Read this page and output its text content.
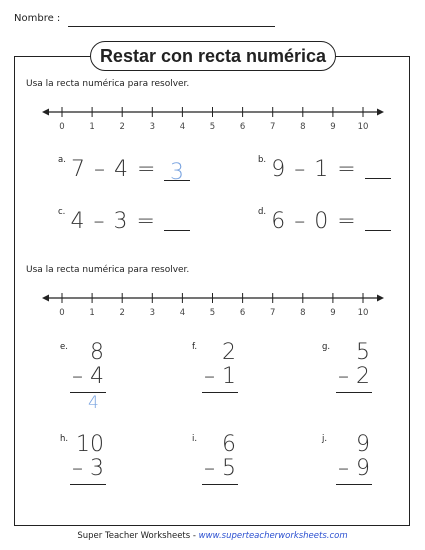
Nombre :
Restar con recta numérica
Usa la recta numérica para resolver.
0	1	2	3	4	5	6	7	8	9	10
$^{a.}$ 7 – 4 = 3	$^{b.}$ 9 – 1 =
$^{c.}$ 4 – 3 =	$^{d.}$ 6 – 0 =
Usa la recta numérica para resolver.
0	1	2	3	4	5	6	7	8	9	10
e.	8
– 4
4
f.	2
– 1
g.	5
– 2
h. 10
– 3
i.	6
– 5
j.	9
– 9
Super Teacher Worksheets - www.superteacherworksheets.com
